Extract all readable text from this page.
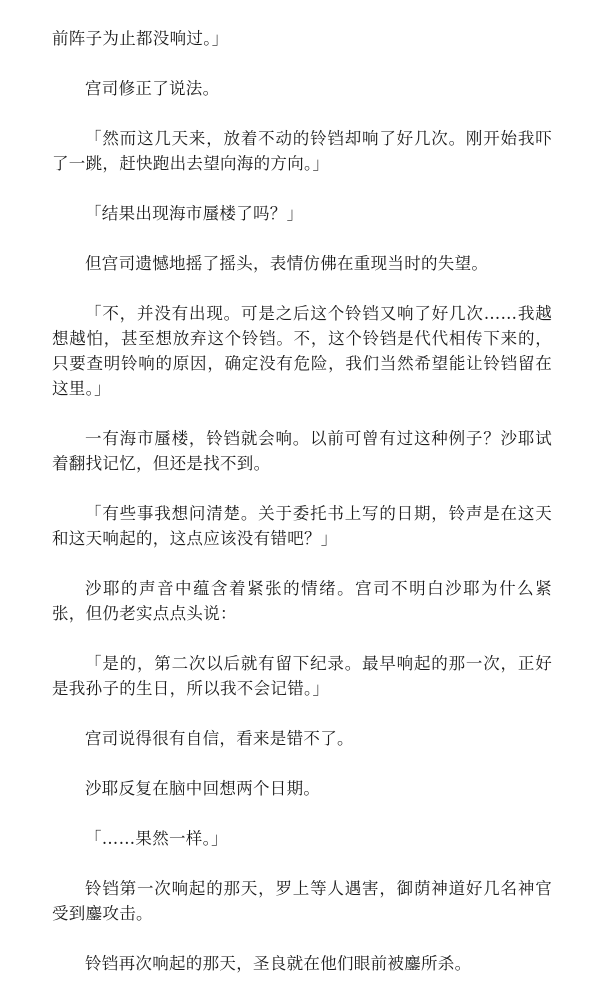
前阵子为止都没响过。」

宫司修正了说法。

「然而这几天来，放着不动的铃铛却响了好几次。刚开始我吓了一跳，赶快跑出去望向海的方向。」

「结果出现海市蜃楼了吗？」

但宫司遗憾地摇了摇头，表情仿佛在重现当时的失望。

「不，并没有出现。可是之后这个铃铛又响了好几次……我越想越怕，甚至想放弃这个铃铛。不，这个铃铛是代代相传下来的，只要查明铃响的原因，确定没有危险，我们当然希望能让铃铛留在这里。」

一有海市蜃楼，铃铛就会响。以前可曾有过这种例子？沙耶试着翻找记忆，但还是找不到。

「有些事我想问清楚。关于委托书上写的日期，铃声是在这天和这天响起的，这点应该没有错吧？」

沙耶的声音中蕴含着紧张的情绪。宫司不明白沙耶为什么紧张，但仍老实点点头说：

「是的，第二次以后就有留下纪录。最早响起的那一次，正好是我孙子的生日，所以我不会记错。」

宫司说得很有自信，看来是错不了。

沙耶反复在脑中回想两个日期。

「……果然一样。」

铃铛第一次响起的那天，罗上等人遇害，御荫神道好几名神官受到鏖攻击。

铃铛再次响起的那天，圣良就在他们眼前被鏖所杀。
